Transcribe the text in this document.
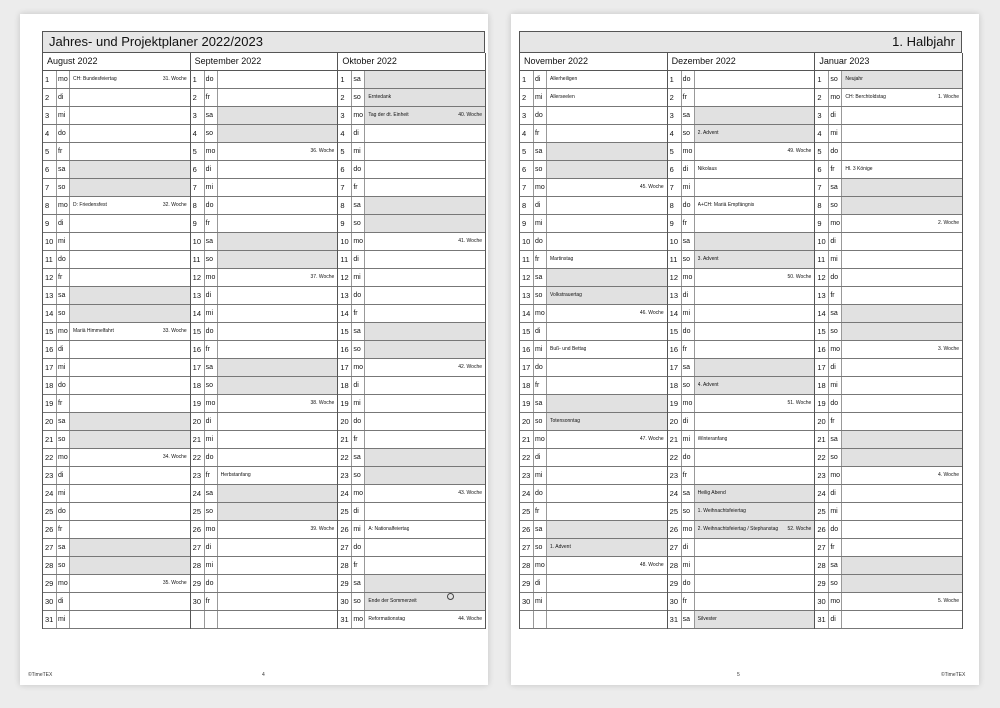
Jahres- und Projektplaner 2022/2023
August 2022
1	mo	CH: Bundesfeiertag	31. Woche
2	di
3	mi
4	do
5	fr
6	sa
7	so
8	mo	D: Friedensfest	32. Woche
9	di
10 mi
11 do
12 fr
13 sa
14 so
15 mo	Mariä Himmelfahrt	33. Woche
16 di
17 mi
18 do
19 fr
20 sa
21 so
22 mo	34. Woche
23 di
24 mi
25 do
26 fr
27 sa
28 so
29 mo	35. Woche
30 di
31 mi
September 2022
1	do
2	fr
3	sa
4	so
5	mo	36. Woche
6	di
7	mi
8	do
9	fr
10 sa
11 so
12 mo	37. Woche
13 di
14 mi
15 do
16 fr
17 sa
18 so
19 mo	38. Woche
20 di
21 mi
22 do
23 fr	Herbstanfang
24 sa
25 so
26 mo	39. Woche
27 di
28 mi
29 do
30 fr
Oktober 2022
1	sa
2	so	Erntedank
3	mo	Tag der dt. Einheit	40. Woche
4	di
5	mi
6	do
7	fr
8	sa
9	so
10 mo	41. Woche
11 di
12 mi
13 do
14 fr
15 sa
16 so
17 mo	42. Woche
18 di
19 mi
20 do
21 fr
22 sa
23 so
24 mo	43. Woche
25 di
26 mi	A: Nationalfeiertag
27 do
28 fr
29 sa
30 so	Ende der Sommerzeit
31 mo	Reformationstag	44. Woche
©TimeTEX	4
1. Halbjahr
November 2022
1	di	Allerheiligen
2	mi	Allerseelen
3	do
4	fr
5	sa
6	so
7	mo	45. Woche
8	di
9	mi
10 do
11 fr	Martinstag
12 sa
13 so	Volkstrauertag
14 mo	46. Woche
15 di
16 mi	Buß- und Bettag
17 do
18 fr
19 sa
20 so	Totensonntag
21 mo	47. Woche
22 di
23 mi
24 do
25 fr
26 sa
27 so	1. Advent
28 mo	48. Woche
29 di
30 mi
Dezember 2022
1	do
2	fr
3	sa
4	so	2. Advent
5	mo	49. Woche
6	di	Nikolaus
7	mi
8	do	A+CH: Mariä Empfängnis
9	fr
10 sa
11 so	3. Advent
12 mo	50. Woche
13 di
14 mi
15 do
16 fr
17 sa
18 so	4. Advent
19 mo	51. Woche
20 di
21 mi	Winteranfang
22 do
23 fr
24 sa	Heilig Abend
25 so	1. Weihnachtsfeiertag
26 mo	2. Weihnachtsfeiertag / Stephanstag 52. Woche
27 di
28 mi
29 do
30 fr
31 sa	Silvester
Januar 2023
1	so	Neujahr
2	mo	CH: Berchtoldstag	1. Woche
3	di
4	mi
5	do
6	fr	Hl. 3 Könige
7	sa
8	so
9	mo	2. Woche
10 di
11 mi
12 do
13 fr
14 sa
15 so
16 mo	3. Woche
17 di
18 mi
19 do
20 fr
21 sa
22 so
23 mo	4. Woche
24 di
25 mi
26 do
27 fr
28 sa
29 so
30 mo	5. Woche
31 di
5	©TimeTEX
